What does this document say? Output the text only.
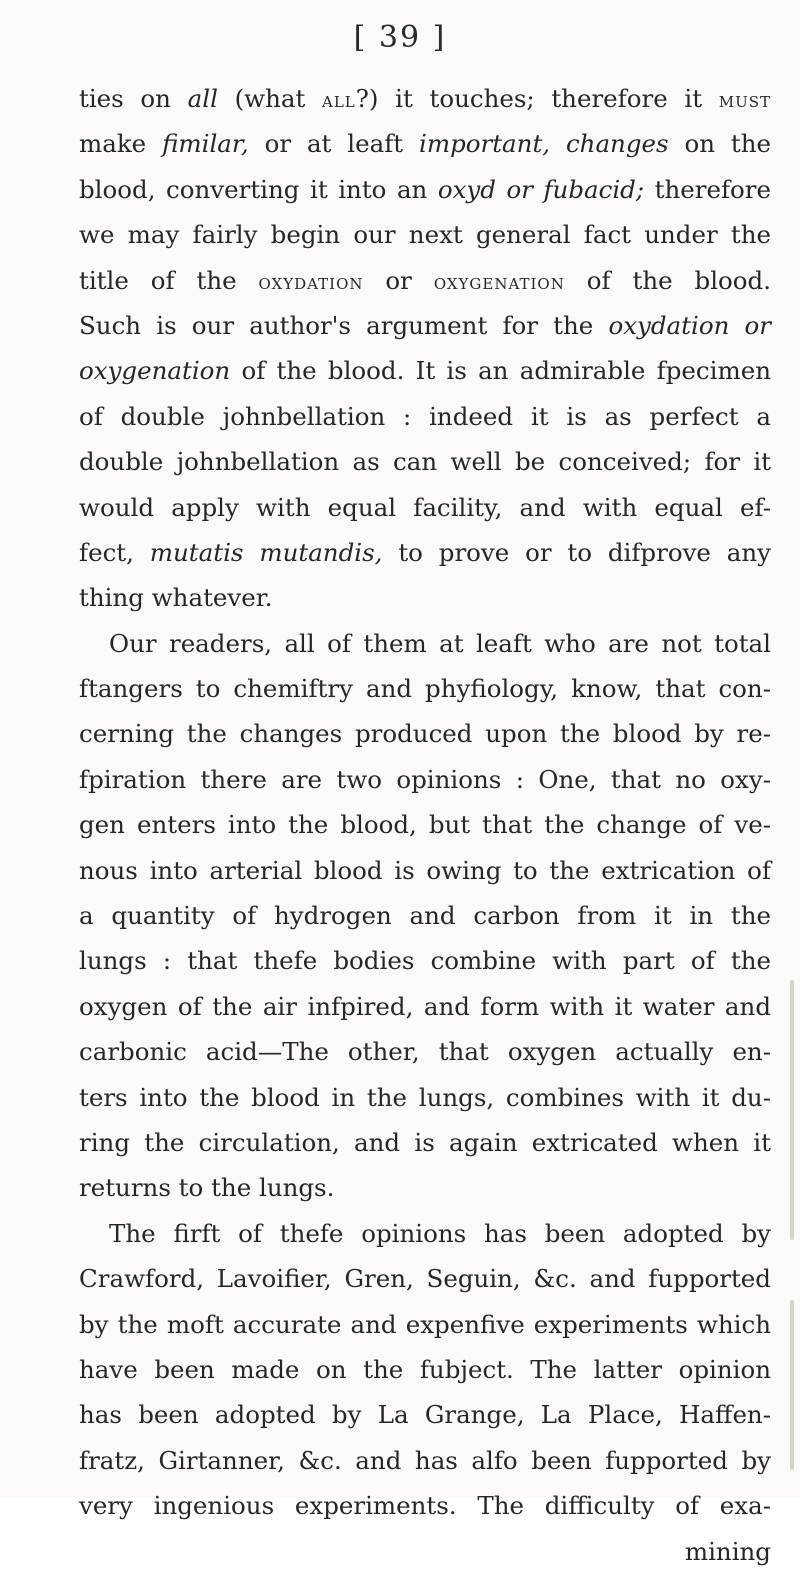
[ 39 ]
ties on all (what all?) it touches; therefore it must
make fimilar, or at leaft important, changes on the
blood, converting it into an oxyd or fubacid; therefore
we may fairly begin our next general fact under the
title of the oxydation or oxygenation of the blood.
Such is our author's argument for the oxydation or
oxygenation of the blood. It is an admirable fpecimen
of double johnbellation : indeed it is as perfect a
double johnbellation as can well be conceived; for it
would apply with equal facility, and with equal ef-
fect, mutatis mutandis, to prove or to difprove any
thing whatever.
Our readers, all of them at leaft who are not total
ftangers to chemiftry and phyfiology, know, that con-
cerning the changes produced upon the blood by re-
fpiration there are two opinions : One, that no oxy-
gen enters into the blood, but that the change of ve-
nous into arterial blood is owing to the extrication of
a quantity of hydrogen and carbon from it in the
lungs : that thefe bodies combine with part of the
oxygen of the air infpired, and form with it water and
carbonic acid—The other, that oxygen actually en-
ters into the blood in the lungs, combines with it du-
ring the circulation, and is again extricated when it
returns to the lungs.
The firft of thefe opinions has been adopted by
Crawford, Lavoifier, Gren, Seguin, &c. and fupported
by the moft accurate and expenfive experiments which
have been made on the fubject. The latter opinion
has been adopted by La Grange, La Place, Haffen-
fratz, Girtanner, &c. and has alfo been fupported by
very ingenious experiments. The difficulty of exa-
mining
